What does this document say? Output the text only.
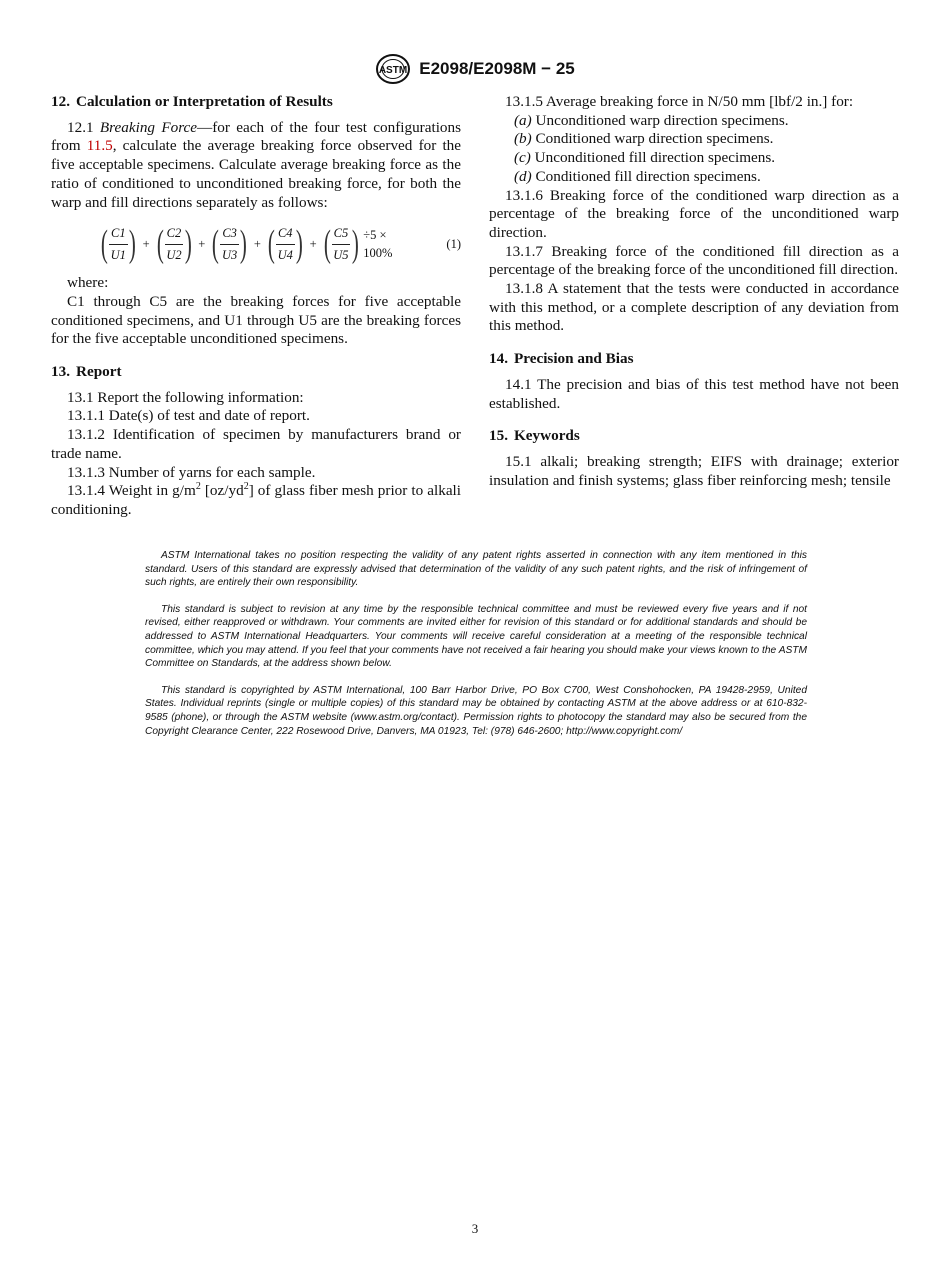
ASTM E2098/E2098M − 25
12. Calculation or Interpretation of Results

12.1 Breaking Force—for each of the four test configurations from 11.5, calculate the average breaking force observed for the five acceptable specimens. Calculate average breaking force as the ratio of conditioned to unconditioned breaking force, for both the warp and fill directions separately as follows:

( $\frac{C1}{U1}$ ) + ( $\frac{C2}{U2}$ ) + ( $\frac{C3}{U3}$ ) + ( $\frac{C4}{U4}$ ) + ( $\frac{C5}{U5}$ ) ÷5 × 100%
(1)

where:

C1 through C5 are the breaking forces for five acceptable conditioned specimens, and U1 through U5 are the breaking forces for the five acceptable unconditioned specimens.

13. Report

13.1 Report the following information:

13.1.1 Date(s) of test and date of report.

13.1.2 Identification of specimen by manufacturers brand or trade name.

13.1.3 Number of yarns for each sample.

13.1.4 Weight in $g/m^2$ $[oz/yd^2]$ of glass fiber mesh prior to alkali conditioning.

13.1.5 Average breaking force in N/50 mm [lbf/2 in.] for:

(a) Unconditioned warp direction specimens.

(b) Conditioned warp direction specimens.

(c) Unconditioned fill direction specimens.

(d) Conditioned fill direction specimens.

13.1.6 Breaking force of the conditioned warp direction as a percentage of the breaking force of the unconditioned warp direction.

13.1.7 Breaking force of the conditioned fill direction as a percentage of the breaking force of the unconditioned fill direction.

13.1.8 A statement that the tests were conducted in accordance with this method, or a complete description of any deviation from this method.

14. Precision and Bias

14.1 The precision and bias of this test method have not been established.

15. Keywords

15.1 alkali; breaking strength; EIFS with drainage; exterior insulation and finish systems; glass fiber reinforcing mesh; tensile

ASTM International takes no position respecting the validity of any patent rights asserted in connection with any item mentioned in this standard. Users of this standard are expressly advised that determination of the validity of any such patent rights, and the risk of infringement of such rights, are entirely their own responsibility.

This standard is subject to revision at any time by the responsible technical committee and must be reviewed every five years and if not revised, either reapproved or withdrawn. Your comments are invited either for revision of this standard or for additional standards and should be addressed to ASTM International Headquarters. Your comments will receive careful consideration at a meeting of the responsible technical committee, which you may attend. If you feel that your comments have not received a fair hearing you should make your views known to the ASTM Committee on Standards, at the address shown below.

This standard is copyrighted by ASTM International, 100 Barr Harbor Drive, PO Box C700, West Conshohocken, PA 19428-2959, United States. Individual reprints (single or multiple copies) of this standard may be obtained by contacting ASTM at the above address or at 610-832-9585 (phone), or through the ASTM website (www.astm.org/contact). Permission rights to photocopy the standard may also be secured from the Copyright Clearance Center, 222 Rosewood Drive, Danvers, MA 01923, Tel: (978) 646-2600; http://www.copyright.com/

3
